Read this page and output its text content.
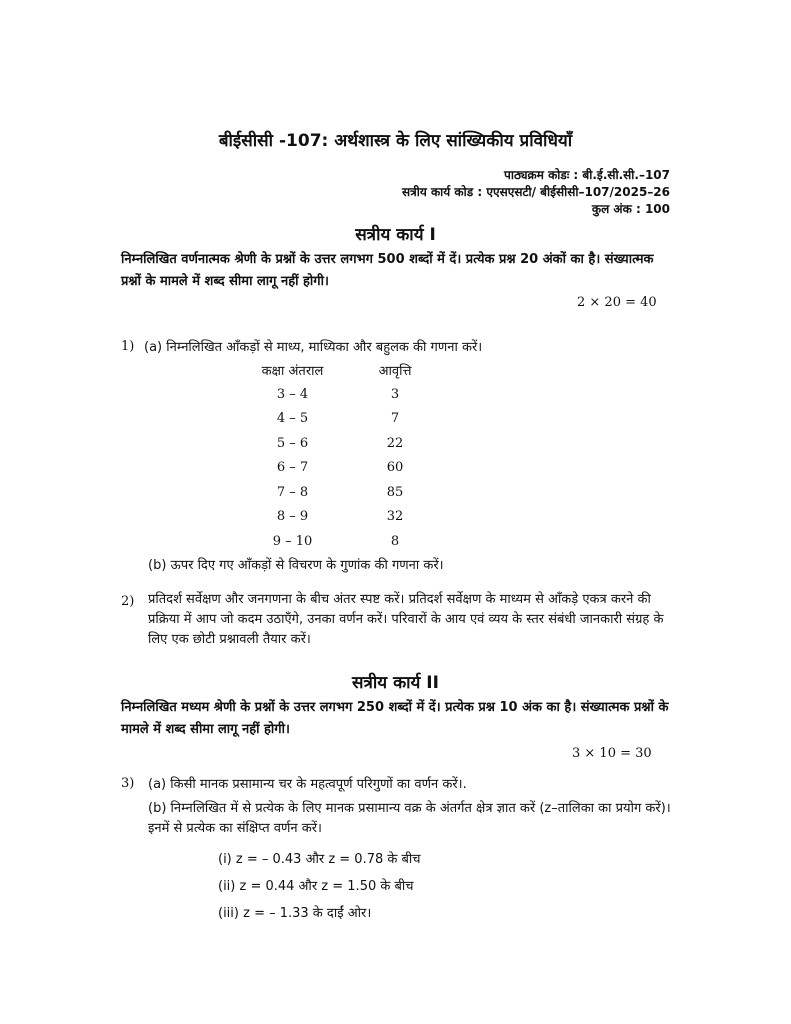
बीईसीसी -107: अर्थशास्त्र के लिए सांख्यिकीय प्रविधियाँ
पाठ्यक्रम कोडः : बी.ई.सी.सी.–107
सत्रीय कार्य कोड : एएसएसटी/ बीईसीसी–107/2025–26
कुल अंक : 100
सत्रीय कार्य I
निम्नलिखित वर्णनात्मक श्रेणी के प्रश्नों के उत्तर लगभग 500 शब्दों में दें। प्रत्येक प्रश्न 20 अंकों का है। संख्यात्मक प्रश्नों के मामले में शब्द सीमा लागू नहीं होगी।
2 × 20 = 40
1) (a) निम्नलिखित आँकड़ों से माध्य, माध्यिका और बहुलक की गणना करें।
कक्षा अंतराल	आवृत्ति
3 – 4	3
4 – 5	7
5 – 6	22
6 – 7	60
7 – 8	85
8 – 9	32
9 – 10	8
(b) ऊपर दिए गए आँकड़ों से विचरण के गुणांक की गणना करें।
2) प्रतिदर्श सर्वेक्षण और जनगणना के बीच अंतर स्पष्ट करें। प्रतिदर्श सर्वेक्षण के माध्यम से आँकड़े एकत्र करने की प्रक्रिया में आप जो कदम उठाएँगे, उनका वर्णन करें। परिवारों के आय एवं व्यय के स्तर संबंधी जानकारी संग्रह के लिए एक छोटी प्रश्नावली तैयार करें।
सत्रीय कार्य II
निम्नलिखित मध्यम श्रेणी के प्रश्नों के उत्तर लगभग 250 शब्दों में दें। प्रत्येक प्रश्न 10 अंक का है। संख्यात्मक प्रश्नों के मामले में शब्द सीमा लागू नहीं होगी।
3 × 10 = 30
3) (a) किसी मानक प्रसामान्य चर के महत्वपूर्ण परिगुणों का वर्णन करें।.
(b) निम्नलिखित में से प्रत्येक के लिए मानक प्रसामान्य वक्र के अंतर्गत क्षेत्र ज्ञात करें (z–तालिका का प्रयोग करें)। इनमें से प्रत्येक का संक्षिप्त वर्णन करें।
(i) z = – 0.43 और z = 0.78 के बीच
(ii) z = 0.44 और z = 1.50 के बीच
(iii) z = – 1.33 के दाईं ओर।
